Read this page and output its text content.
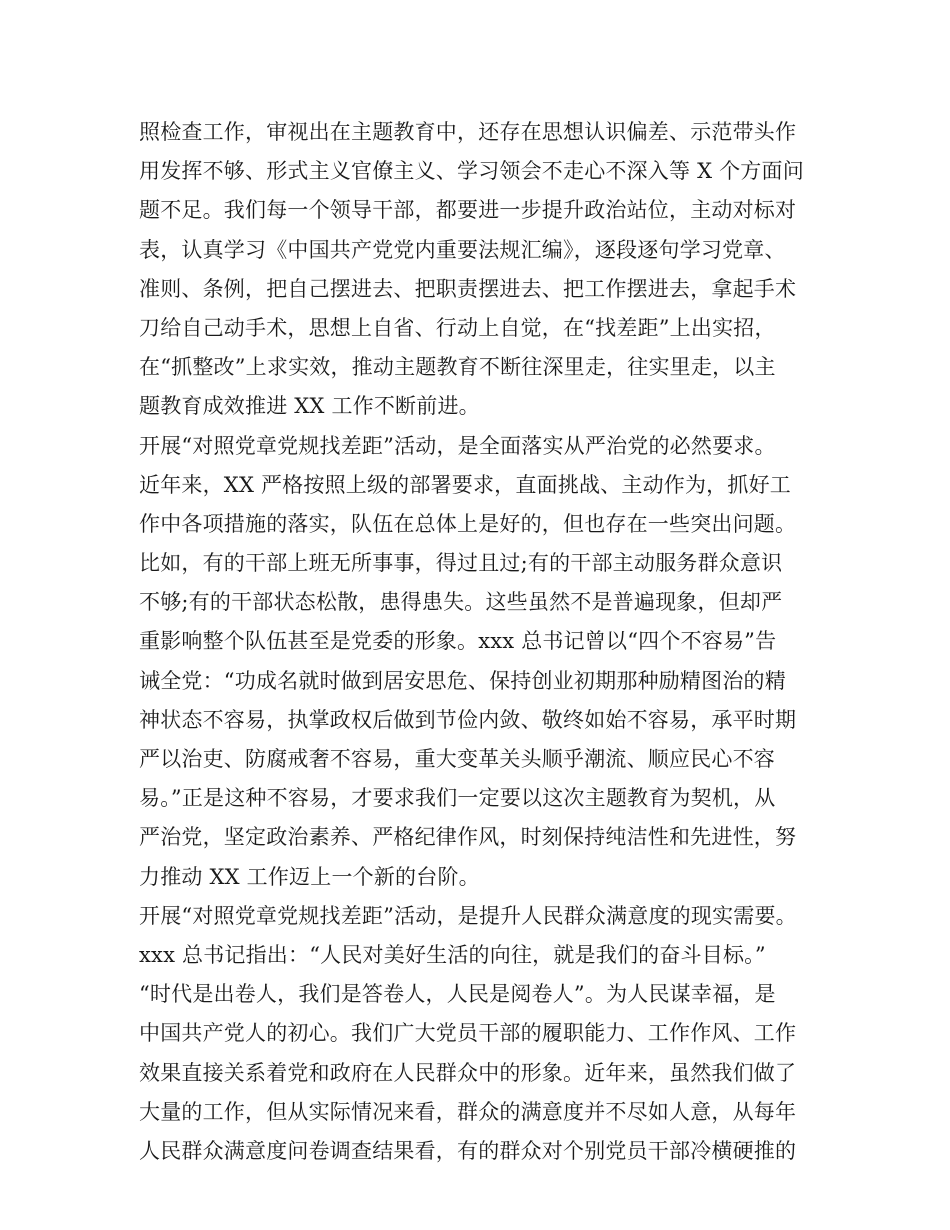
照检查工作，审视出在主题教育中，还存在思想认识偏差、示范带头作
用发挥不够、形式主义官僚主义、学习领会不走心不深入等 X 个方面问
题不足。我们每一个领导干部，都要进一步提升政治站位，主动对标对
表，认真学习《中国共产党党内重要法规汇编》，逐段逐句学习党章、
准则、条例，把自己摆进去、把职责摆进去、把工作摆进去，拿起手术
刀给自己动手术，思想上自省、行动上自觉，在“找差距”上出实招，
在“抓整改”上求实效，推动主题教育不断往深里走，往实里走，以主
题教育成效推进 XX 工作不断前进。
开展“对照党章党规找差距”活动，是全面落实从严治党的必然要求。
近年来，XX 严格按照上级的部署要求，直面挑战、主动作为，抓好工
作中各项措施的落实，队伍在总体上是好的，但也存在一些突出问题。
比如，有的干部上班无所事事，得过且过;有的干部主动服务群众意识
不够;有的干部状态松散，患得患失。这些虽然不是普遍现象，但却严
重影响整个队伍甚至是党委的形象。xxx 总书记曾以“四个不容易”告
诫全党：“功成名就时做到居安思危、保持创业初期那种励精图治的精
神状态不容易，执掌政权后做到节俭内敛、敬终如始不容易，承平时期
严以治吏、防腐戒奢不容易，重大变革关头顺乎潮流、顺应民心不容
易。”正是这种不容易，才要求我们一定要以这次主题教育为契机，从
严治党，坚定政治素养、严格纪律作风，时刻保持纯洁性和先进性，努
力推动 XX 工作迈上一个新的台阶。
开展“对照党章党规找差距”活动，是提升人民群众满意度的现实需要。
xxx 总书记指出：“人民对美好生活的向往，就是我们的奋斗目标。”
“时代是出卷人，我们是答卷人，人民是阅卷人”。为人民谋幸福，是
中国共产党人的初心。我们广大党员干部的履职能力、工作作风、工作
效果直接关系着党和政府在人民群众中的形象。近年来，虽然我们做了
大量的工作，但从实际情况来看，群众的满意度并不尽如人意，从每年
人民群众满意度问卷调查结果看，有的群众对个别党员干部冷横硬推的
